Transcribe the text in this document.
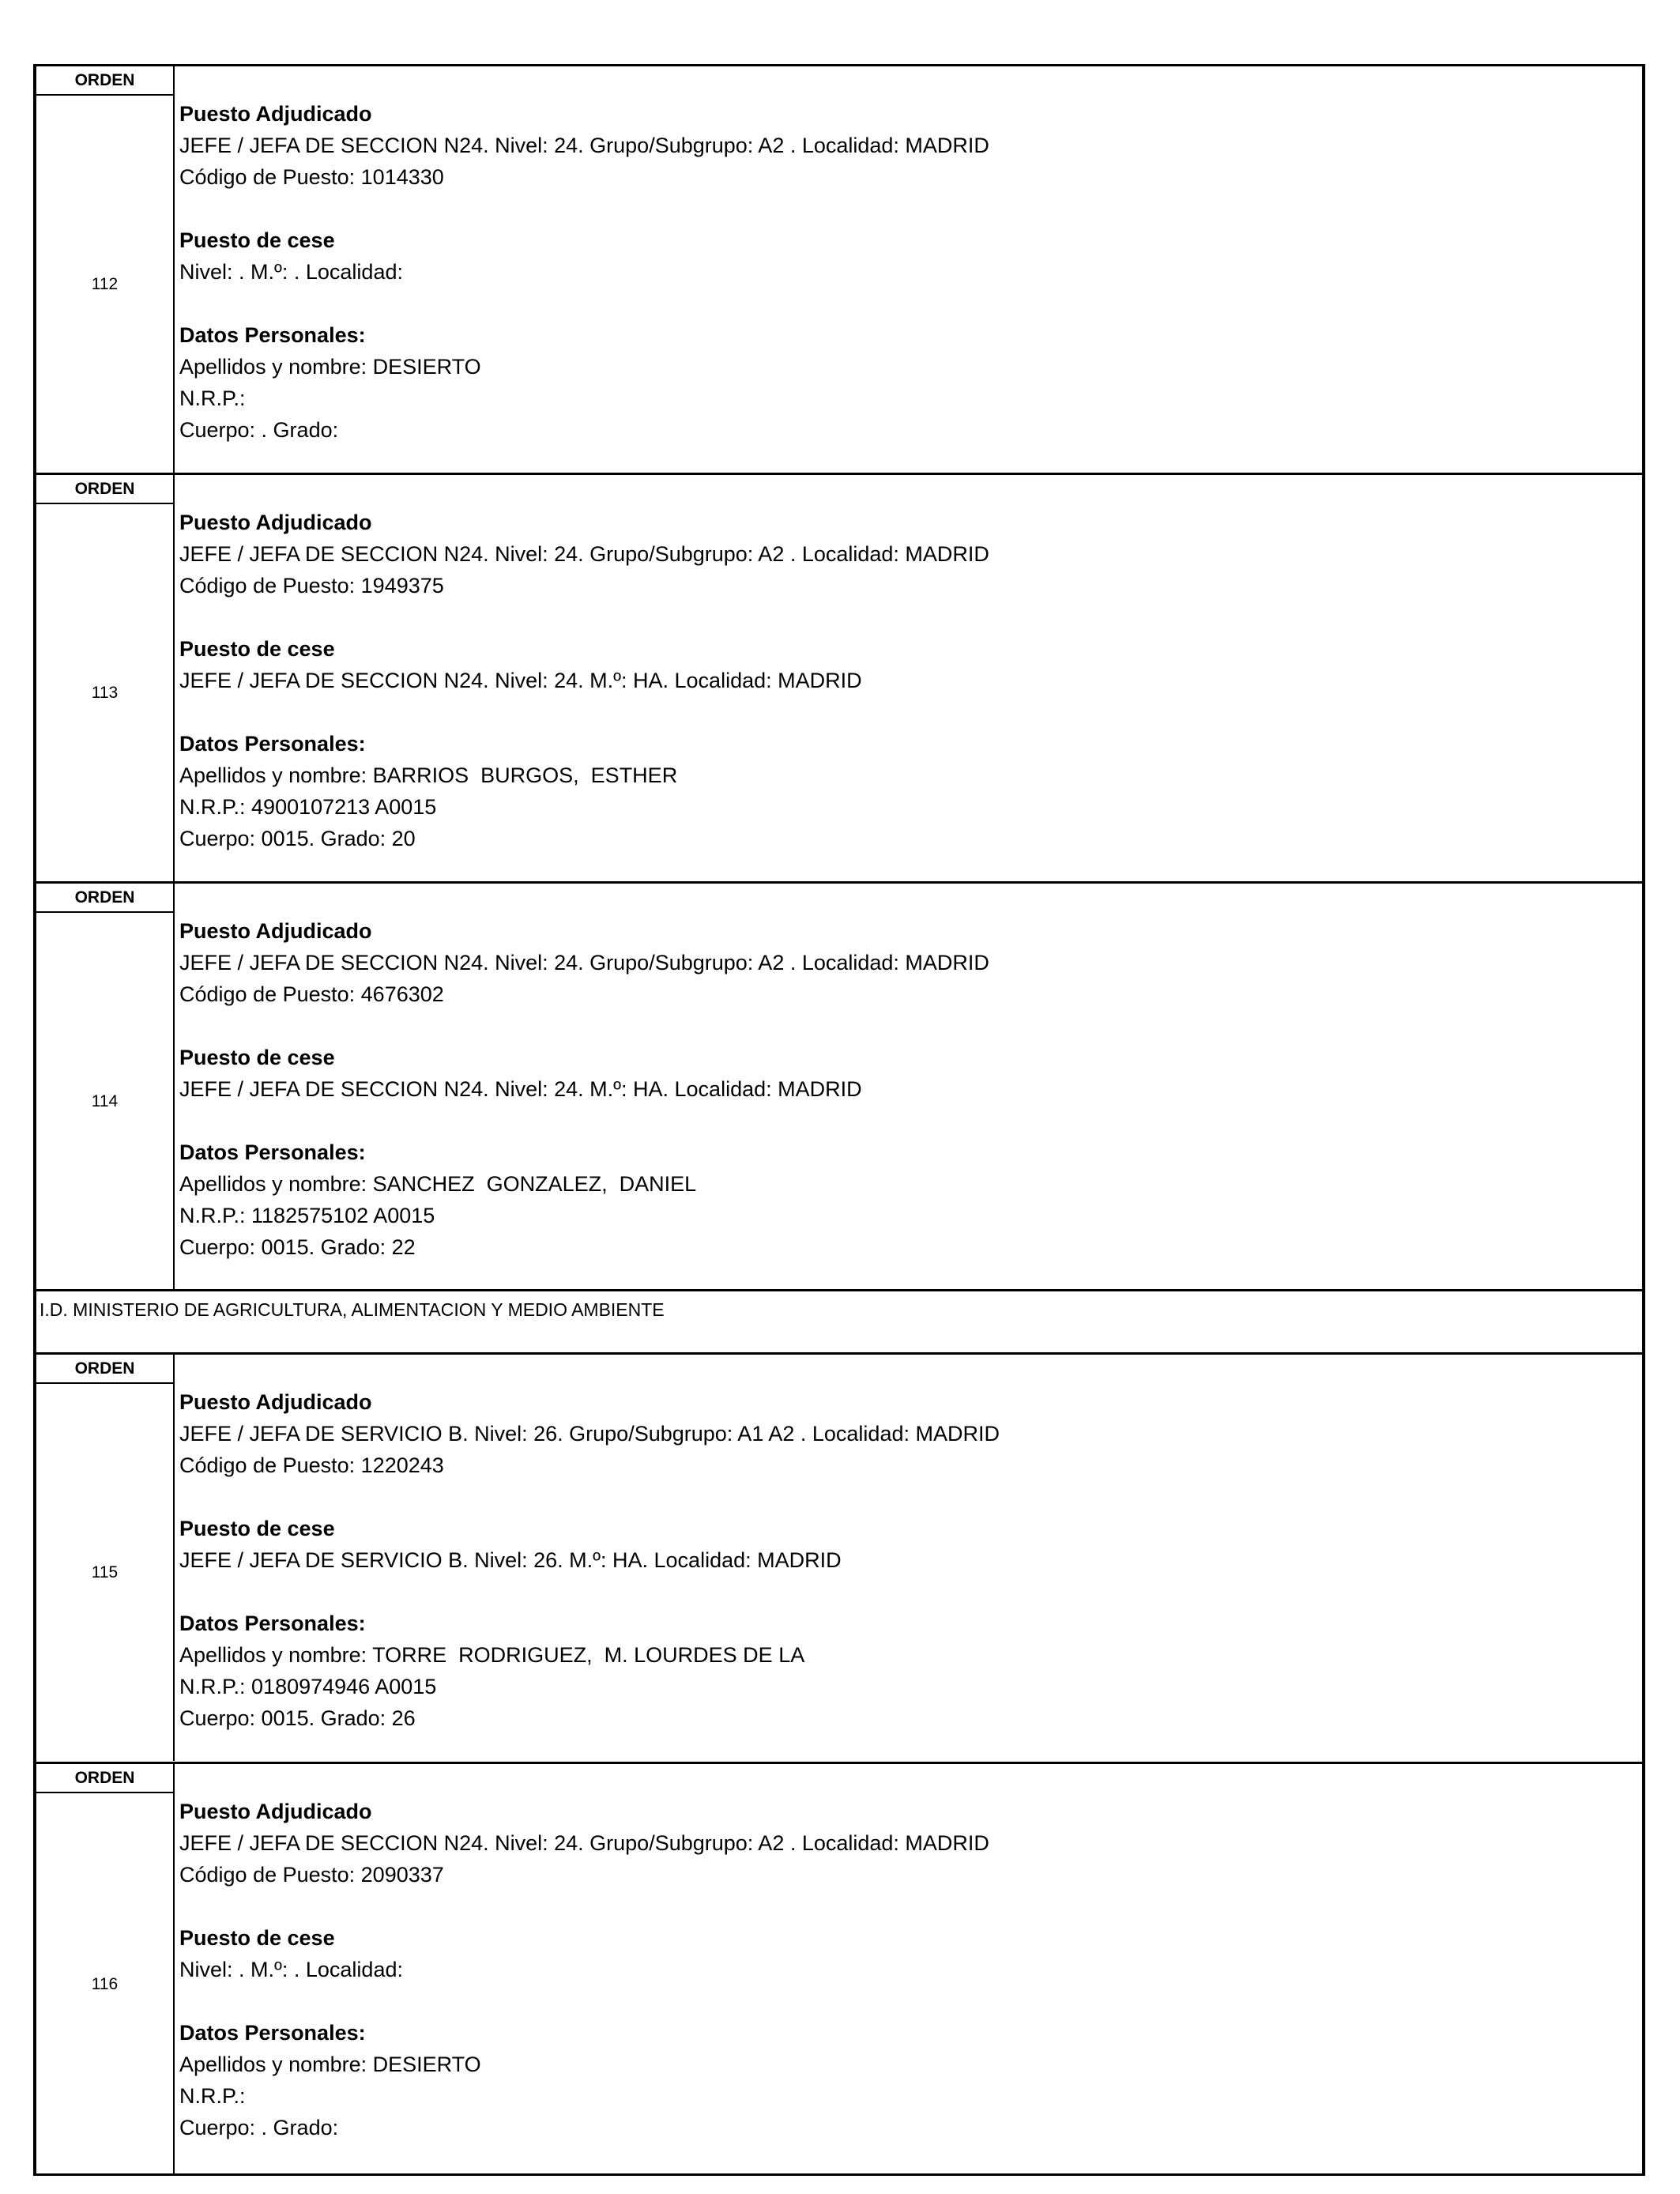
ORDEN
112
Puesto Adjudicado
JEFE / JEFA DE SECCION N24. Nivel: 24. Grupo/Subgrupo: A2 . Localidad: MADRID
Código de Puesto: 1014330
Puesto de cese
Nivel: . M.º: . Localidad:
Datos Personales:
Apellidos y nombre: DESIERTO
N.R.P.:
Cuerpo: . Grado:
ORDEN
113
Puesto Adjudicado
JEFE / JEFA DE SECCION N24. Nivel: 24. Grupo/Subgrupo: A2 . Localidad: MADRID
Código de Puesto: 1949375
Puesto de cese
JEFE / JEFA DE SECCION N24. Nivel: 24. M.º: HA. Localidad: MADRID
Datos Personales:
Apellidos y nombre: BARRIOS  BURGOS,  ESTHER
N.R.P.: 4900107213 A0015
Cuerpo: 0015. Grado: 20
ORDEN
114
Puesto Adjudicado
JEFE / JEFA DE SECCION N24. Nivel: 24. Grupo/Subgrupo: A2 . Localidad: MADRID
Código de Puesto: 4676302
Puesto de cese
JEFE / JEFA DE SECCION N24. Nivel: 24. M.º: HA. Localidad: MADRID
Datos Personales:
Apellidos y nombre: SANCHEZ  GONZALEZ,  DANIEL
N.R.P.: 1182575102 A0015
Cuerpo: 0015. Grado: 22
I.D. MINISTERIO DE AGRICULTURA, ALIMENTACION Y MEDIO AMBIENTE
ORDEN
115
Puesto Adjudicado
JEFE / JEFA DE SERVICIO B. Nivel: 26. Grupo/Subgrupo: A1 A2 . Localidad: MADRID
Código de Puesto: 1220243
Puesto de cese
JEFE / JEFA DE SERVICIO B. Nivel: 26. M.º: HA. Localidad: MADRID
Datos Personales:
Apellidos y nombre: TORRE  RODRIGUEZ,  M. LOURDES DE LA
N.R.P.: 0180974946 A0015
Cuerpo: 0015. Grado: 26
ORDEN
116
Puesto Adjudicado
JEFE / JEFA DE SECCION N24. Nivel: 24. Grupo/Subgrupo: A2 . Localidad: MADRID
Código de Puesto: 2090337
Puesto de cese
Nivel: . M.º: . Localidad:
Datos Personales:
Apellidos y nombre: DESIERTO
N.R.P.:
Cuerpo: . Grado:
